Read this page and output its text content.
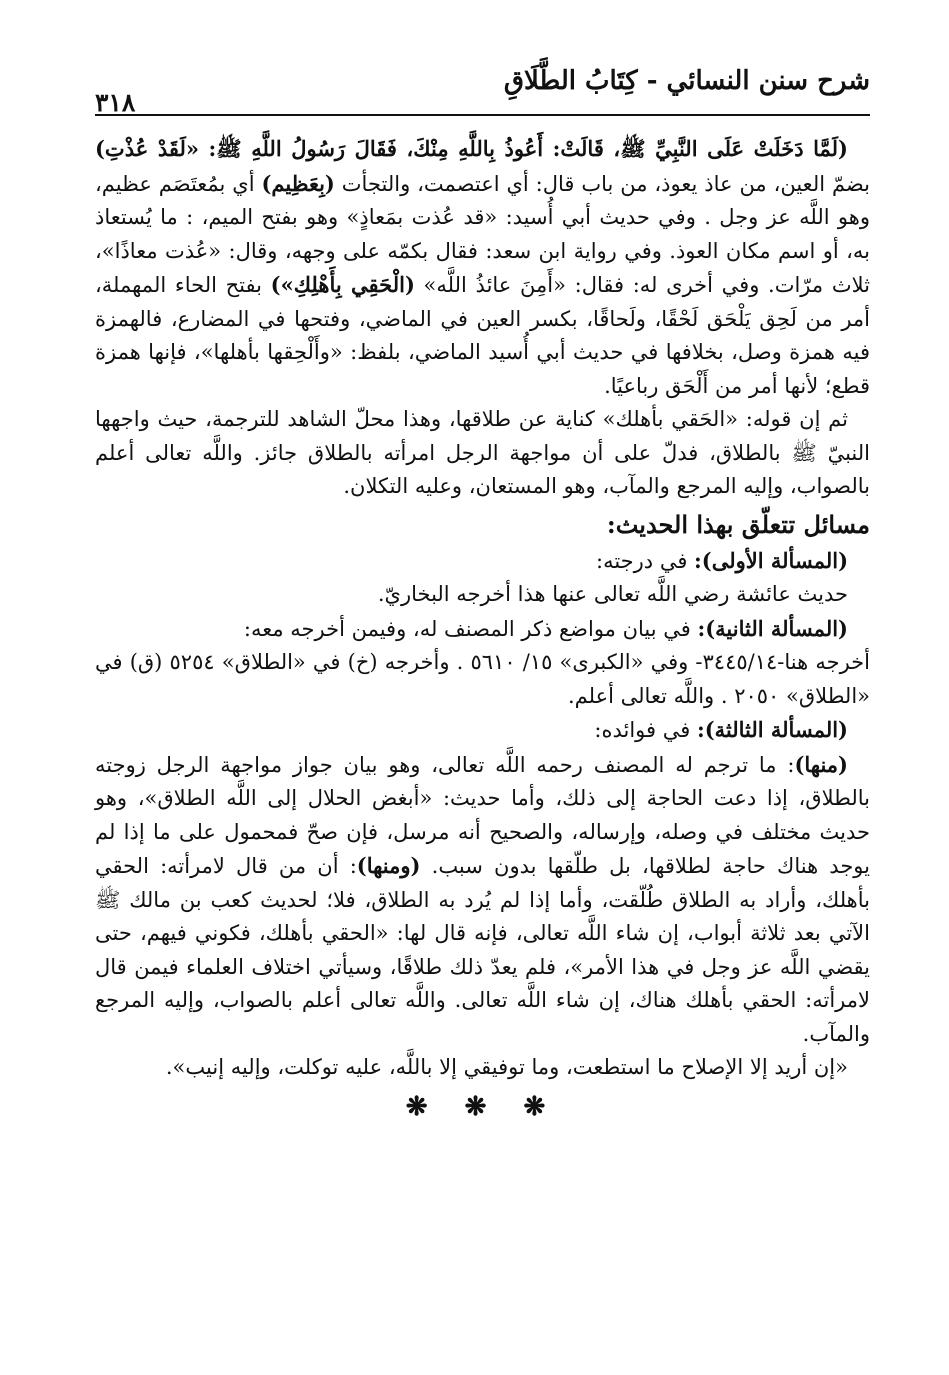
شرح سنن النسائي - كِتَابُ الطَّلَاقِ
٣١٨

(لَمَّا دَخَلَتْ عَلَى النَّبِيِّ ﷺ، قَالَتْ: أَعُوذُ بِاللَّهِ مِنْكَ، فَقَالَ رَسُولُ اللَّهِ ﷺ: «لَقَدْ عُذْتِ) بضمّ العين، من عاذ يعوذ، من باب قال: أي اعتصمت، والتجأت (بِعَظِيم) أي بمُعتَصَم عظيم، وهو اللَّه عز وجل . وفي حديث أبي أُسيد: «قد عُذت بمَعاذٍ» وهو بفتح الميم، : ما يُستعاذ به، أو اسم مكان العوذ. وفي رواية ابن سعد: فقال بكمّه على وجهه، وقال: «عُذت معاذًا»، ثلاث مرّات. وفي أخرى له: فقال: «أَمِنَ عائذُ اللَّه» (الْحَقِي بِأَهْلِكِ») بفتح الحاء المهملة، أمر من لَحِق يَلْحَق لَحْقًا، ولَحاقًا، بكسر العين في الماضي، وفتحها في المضارع، فالهمزة فيه همزة وصل، بخلافها في حديث أبي أُسيد الماضي، بلفظ: «وأَلْحِقها بأهلها»، فإنها همزة قطع؛ لأنها أمر من أَلْحَق رباعيًا.

ثم إن قوله: «الحَقي بأهلك» كناية عن طلاقها، وهذا محلّ الشاهد للترجمة، حيث واجهها النبيّ ﷺ بالطلاق، فدلّ على أن مواجهة الرجل امرأته بالطلاق جائز. واللَّه تعالى أعلم بالصواب، وإليه المرجع والمآب، وهو المستعان، وعليه التكلان.

مسائل تتعلّق بهذا الحديث:

(المسألة الأولى): في درجته:

حديث عائشة رضي اللَّه تعالى عنها هذا أخرجه البخاريّ.

(المسألة الثانية): في بيان مواضع ذكر المصنف له، وفيمن أخرجه معه:

أخرجه هنا-٣٤٤٥/١٤- وفي «الكبرى» ١٥/ ٥٦١٠ . وأخرجه (خ) في «الطلاق» ٥٢٥٤ (ق) في «الطلاق» ٢٠٥٠ . واللَّه تعالى أعلم.

(المسألة الثالثة): في فوائده:

(منها): ما ترجم له المصنف رحمه اللَّه تعالى، وهو بيان جواز مواجهة الرجل زوجته بالطلاق، إذا دعت الحاجة إلى ذلك، وأما حديث: «أبغض الحلال إلى اللَّه الطلاق»، وهو حديث مختلف في وصله، وإرساله، والصحيح أنه مرسل، فإن صحّ فمحمول على ما إذا لم يوجد هناك حاجة لطلاقها، بل طلّقها بدون سبب. (ومنها): أن من قال لامرأته: الحقي بأهلك، وأراد به الطلاق طُلّقت، وأما إذا لم يُرد به الطلاق، فلا؛ لحديث كعب بن مالك ﷺ الآتي بعد ثلاثة أبواب، إن شاء اللَّه تعالى، فإنه قال لها: «الحقي بأهلك، فكوني فيهم، حتى يقضي اللَّه عز وجل في هذا الأمر»، فلم يعدّ ذلك طلاقًا، وسيأتي اختلاف العلماء فيمن قال لامرأته: الحقي بأهلك هناك، إن شاء اللَّه تعالى. واللَّه تعالى أعلم بالصواب، وإليه المرجع والمآب.

«إن أريد إلا الإصلاح ما استطعت، وما توفيقي إلا باللَّه، عليه توكلت، وإليه إنيب».

❋ ❋ ❋
